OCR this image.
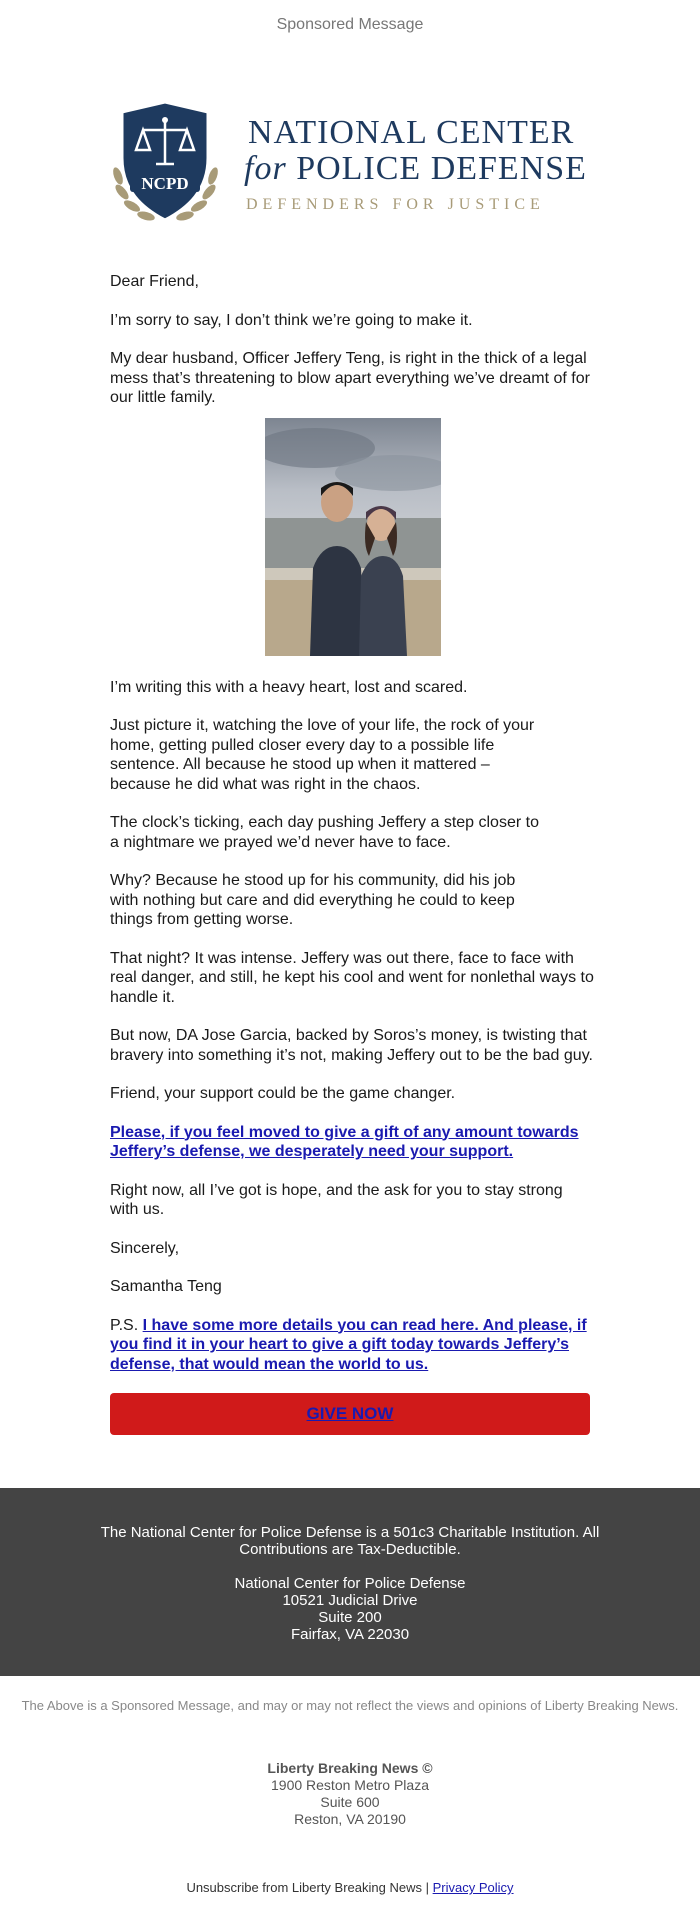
Sponsored Message
NCPD
NATIONAL CENTER
for POLICE DEFENSE
DEFENDERS FOR JUSTICE

Dear Friend,

I’m sorry to say, I don’t think we’re going to make it.

My dear husband, Officer Jeffery Teng, is right in the thick of a legal mess that’s threatening to blow apart everything we’ve dreamt of for our little family.

I’m writing this with a heavy heart, lost and scared.

Just picture it, watching the love of your life, the rock of your home, getting pulled closer every day to a possible life sentence. All because he stood up when it mattered – because he did what was right in the chaos.

The clock’s ticking, each day pushing Jeffery a step closer to a nightmare we prayed we’d never have to face.

Why? Because he stood up for his community, did his job with nothing but care and did everything he could to keep things from getting worse.

That night? It was intense. Jeffery was out there, face to face with real danger, and still, he kept his cool and went for nonlethal ways to handle it.

But now, DA Jose Garcia, backed by Soros’s money, is twisting that bravery into something it’s not, making Jeffery out to be the bad guy.

Friend, your support could be the game changer.

Please, if you feel moved to give a gift of any amount towards Jeffery’s defense, we desperately need your support.

Right now, all I’ve got is hope, and the ask for you to stay strong with us.

Sincerely,

Samantha Teng

P.S. I have some more details you can read here. And please, if you find it in your heart to give a gift today towards Jeffery’s defense, that would mean the world to us.

GIVE NOW
The National Center for Police Defense is a 501c3 Charitable Institution. All Contributions are Tax-Deductible.
National Center for Police Defense
10521 Judicial Drive
Suite 200
Fairfax, VA 22030
The Above is a Sponsored Message, and may or may not reflect the views and opinions of Liberty Breaking News.
Liberty Breaking News ©
1900 Reston Metro Plaza
Suite 600
Reston, VA 20190
Unsubscribe from Liberty Breaking News | Privacy Policy
